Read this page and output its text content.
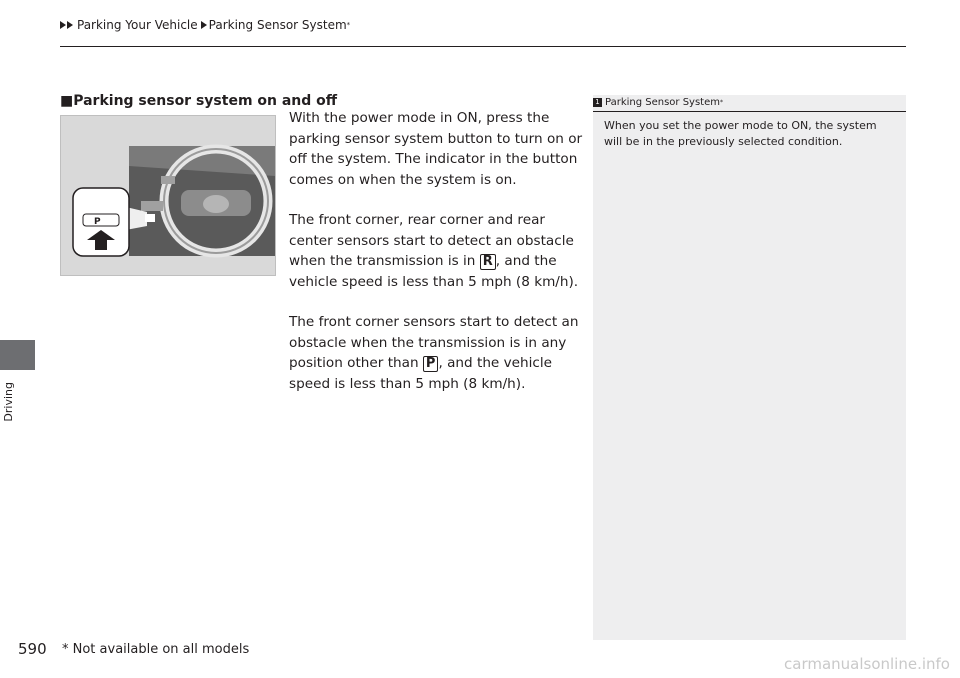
Parking Your Vehicle Parking Sensor System *
Driving
■Parking sensor system on and off
P

With the power mode in ON, press the parking sensor system button to turn on or off the system. The indicator in the button comes on when the system is on.

The front corner, rear corner and rear center sensors start to detect an obstacle when the transmission is in R , and the vehicle speed is less than 5 mph (8 km/h).

The front corner sensors start to detect an obstacle when the transmission is in any position other than P , and the vehicle speed is less than 5 mph (8 km/h).

1 Parking Sensor System *
When you set the power mode to ON, the system will be in the previously selected condition.
590 * Not available on all models
carmanualsonline.info
